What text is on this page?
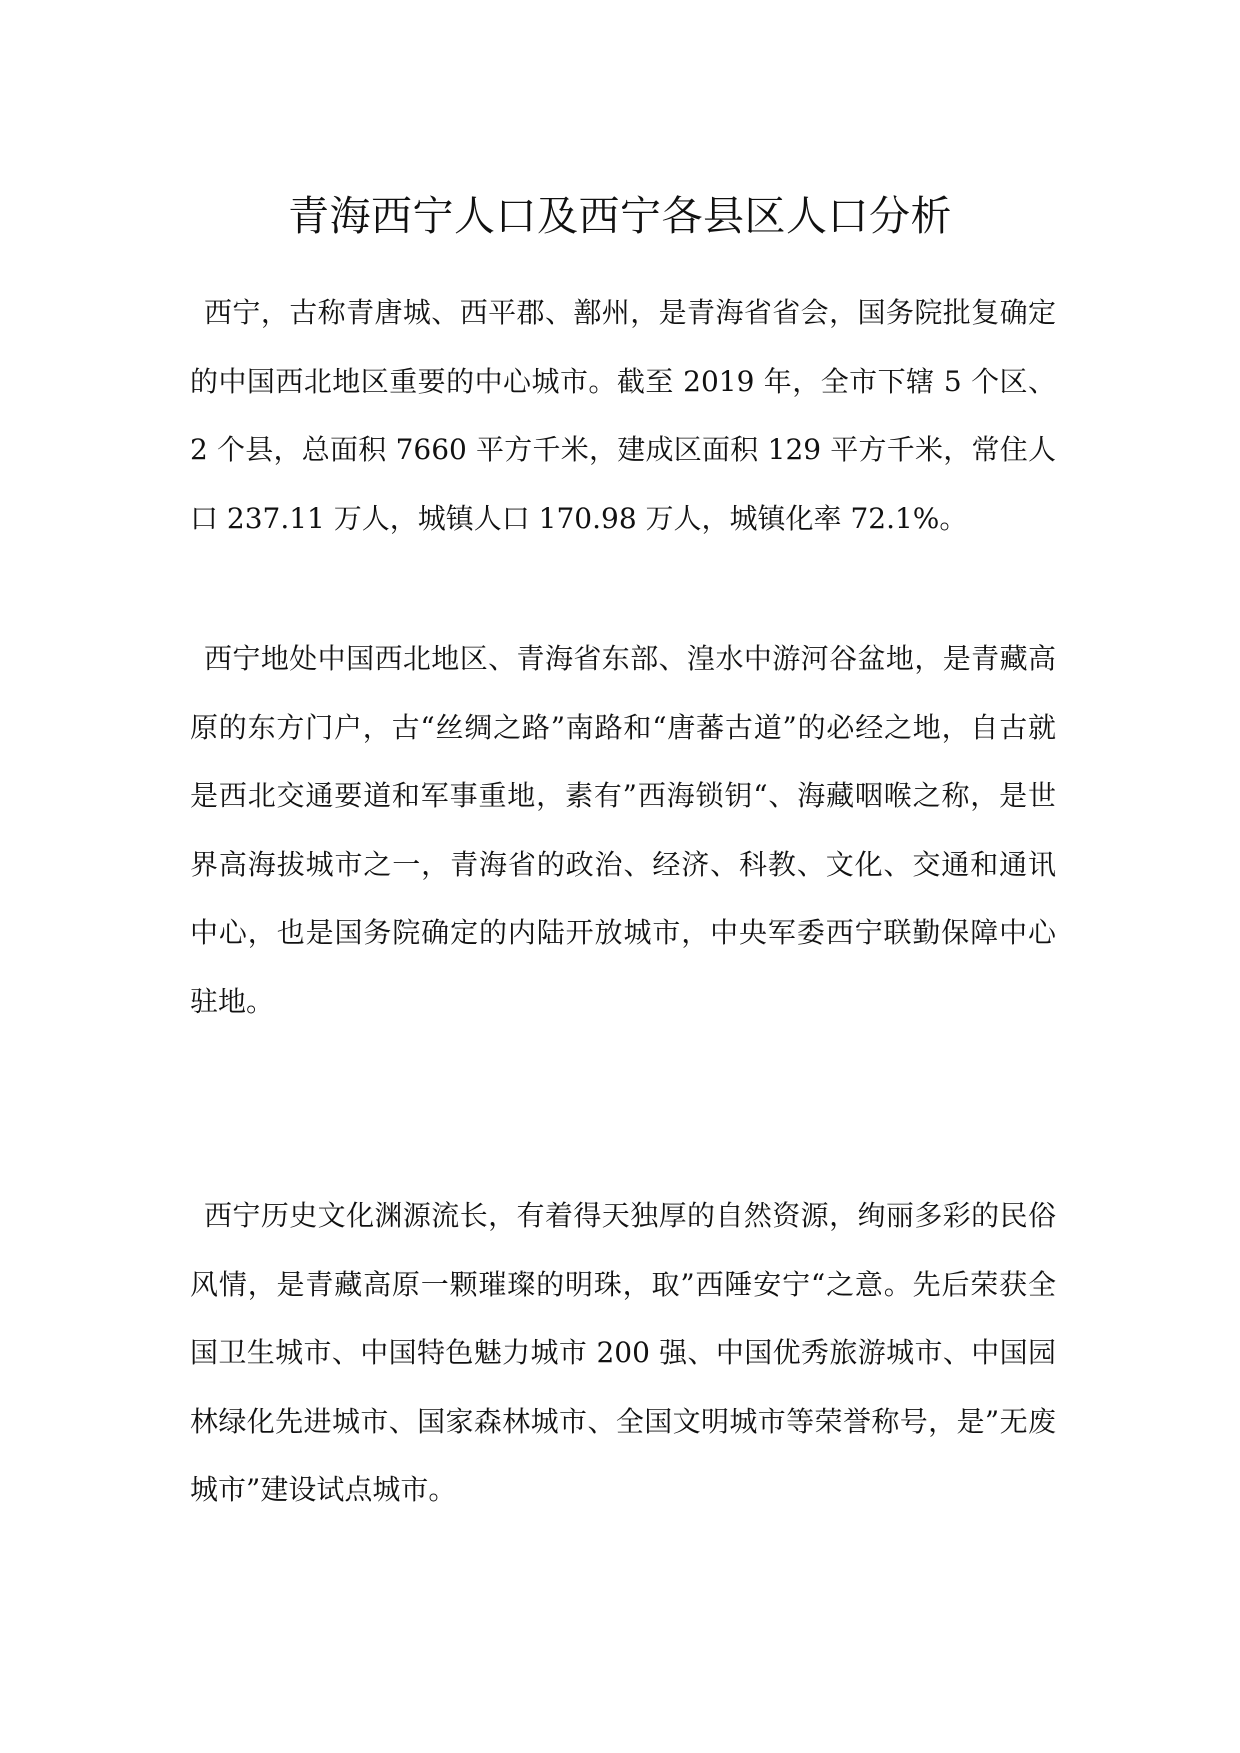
青海西宁人口及西宁各县区人口分析

西宁，古称青唐城、西平郡、鄯州，是青海省省会，国务院批复确定的中国西北地区重要的中心城市。截至 2019 年，全市下辖 5 个区、2 个县，总面积 7660 平方千米，建成区面积 129 平方千米，常住人口 237.11 万人，城镇人口 170.98 万人，城镇化率 72.1%。

西宁地处中国西北地区、青海省东部、湟水中游河谷盆地，是青藏高原的东方门户，古“丝绸之路”南路和“唐蕃古道”的必经之地，自古就是西北交通要道和军事重地，素有”西海锁钥“、海藏咽喉之称，是世界高海拔城市之一，青海省的政治、经济、科教、文化、交通和通讯中心，也是国务院确定的内陆开放城市，中央军委西宁联勤保障中心驻地。

西宁历史文化渊源流长，有着得天独厚的自然资源，绚丽多彩的民俗风情，是青藏高原一颗璀璨的明珠，取”西陲安宁“之意。先后荣获全国卫生城市、中国特色魅力城市 200 强、中国优秀旅游城市、中国园林绿化先进城市、国家森林城市、全国文明城市等荣誉称号，是”无废城市”建设试点城市。
